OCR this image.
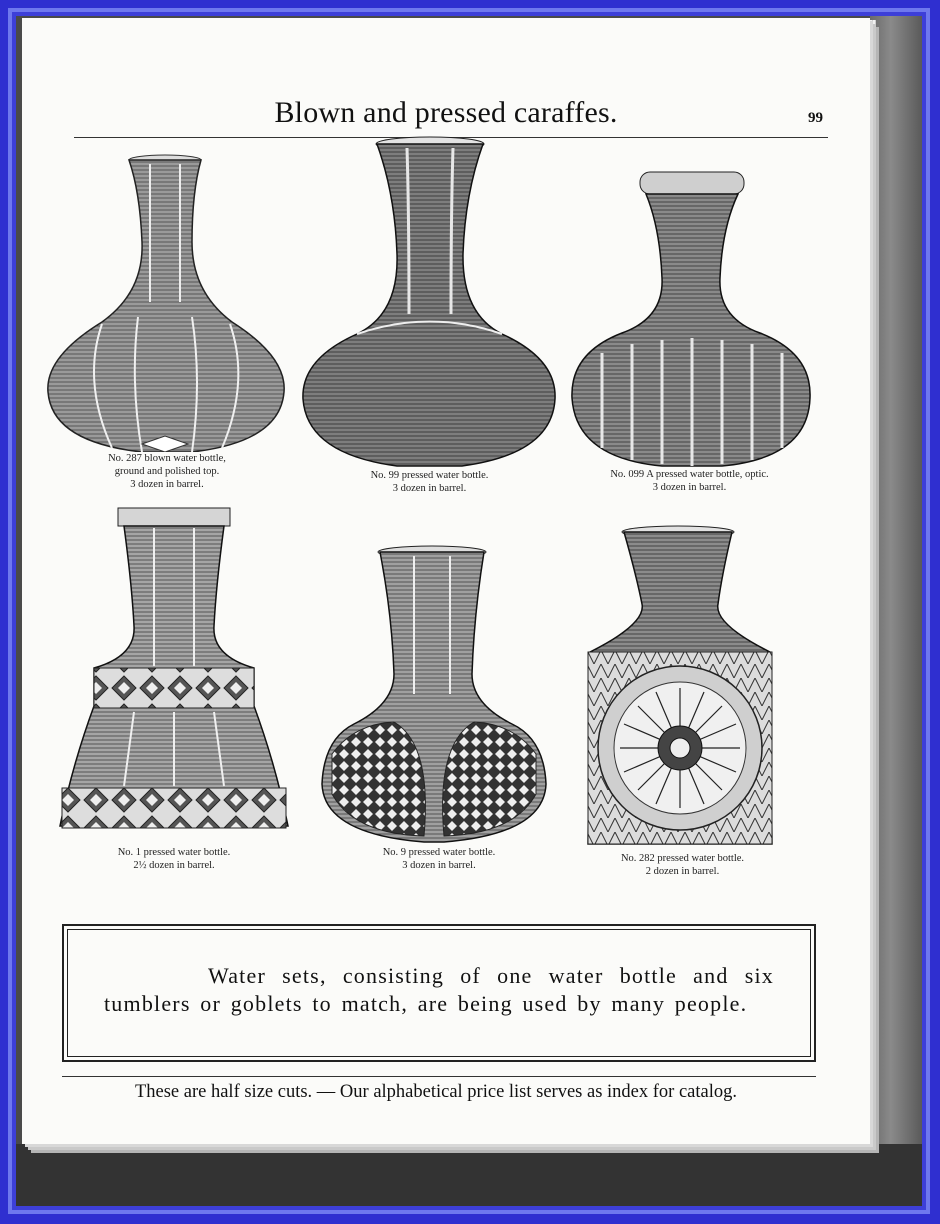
Blown and pressed caraffes.	99
No. 287 blown water bottle,
ground and polished top.
3 dozen in barrel.
No. 99 pressed water bottle.
3 dozen in barrel.
No. 099 A pressed water bottle, optic.
3 dozen in barrel.
No. 1 pressed water bottle.
2½ dozen in barrel.
No. 9 pressed water bottle.
3 dozen in barrel.
No. 282 pressed water bottle.
2 dozen in barrel.
Water sets, consisting of one water bottle and six tumblers or goblets to match, are being used by many people.
These are half size cuts. — Our alphabetical price list serves as index for catalog.
